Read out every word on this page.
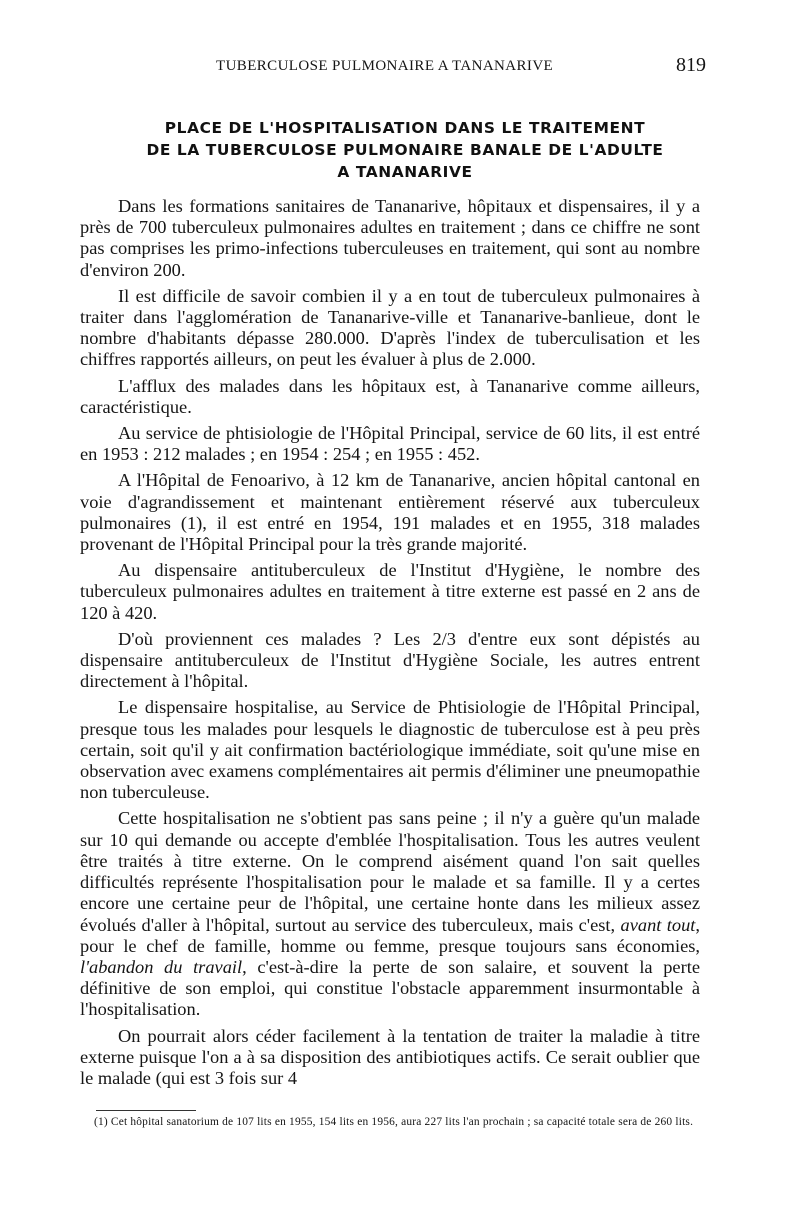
TUBERCULOSE PULMONAIRE A TANANARIVE	819
PLACE DE L'HOSPITALISATION DANS LE TRAITEMENT
DE LA TUBERCULOSE PULMONAIRE BANALE DE L'ADULTE
A TANANARIVE

Dans les formations sanitaires de Tananarive, hôpitaux et dispensaires, il y a près de 700 tuberculeux pulmonaires adultes en traitement ; dans ce chiffre ne sont pas comprises les primo-infections tuberculeuses en traitement, qui sont au nombre d'environ 200.

Il est difficile de savoir combien il y a en tout de tuberculeux pulmonaires à traiter dans l'agglomération de Tananarive-ville et Tananarive-banlieue, dont le nombre d'habitants dépasse 280.000. D'après l'index de tuberculisation et les chiffres rapportés ailleurs, on peut les évaluer à plus de 2.000.

L'afflux des malades dans les hôpitaux est, à Tananarive comme ailleurs, caractéristique.

Au service de phtisiologie de l'Hôpital Principal, service de 60 lits, il est entré en 1953 : 212 malades ; en 1954 : 254 ; en 1955 : 452.

A l'Hôpital de Fenoarivo, à 12 km de Tananarive, ancien hôpital cantonal en voie d'agrandissement et maintenant entièrement réservé aux tuberculeux pulmonaires (1), il est entré en 1954, 191 malades et en 1955, 318 malades provenant de l'Hôpital Principal pour la très grande majorité.

Au dispensaire antituberculeux de l'Institut d'Hygiène, le nombre des tuberculeux pulmonaires adultes en traitement à titre externe est passé en 2 ans de 120 à 420.

D'où proviennent ces malades ? Les 2/3 d'entre eux sont dépistés au dispensaire antituberculeux de l'Institut d'Hygiène Sociale, les autres entrent directement à l'hôpital.

Le dispensaire hospitalise, au Service de Phtisiologie de l'Hôpital Principal, presque tous les malades pour lesquels le diagnostic de tuberculose est à peu près certain, soit qu'il y ait confirmation bactériologique immédiate, soit qu'une mise en observation avec examens complémentaires ait permis d'éliminer une pneumopathie non tuberculeuse.

Cette hospitalisation ne s'obtient pas sans peine ; il n'y a guère qu'un malade sur 10 qui demande ou accepte d'emblée l'hospitalisation. Tous les autres veulent être traités à titre externe. On le comprend aisément quand l'on sait quelles difficultés représente l'hospitalisation pour le malade et sa famille. Il y a certes encore une certaine peur de l'hôpital, une certaine honte dans les milieux assez évolués d'aller à l'hôpital, surtout au service des tuberculeux, mais c'est, avant tout, pour le chef de famille, homme ou femme, presque toujours sans économies, l'abandon du travail, c'est-à-dire la perte de son salaire, et souvent la perte définitive de son emploi, qui constitue l'obstacle apparemment insurmontable à l'hospitalisation.

On pourrait alors céder facilement à la tentation de traiter la maladie à titre externe puisque l'on a à sa disposition des antibiotiques actifs. Ce serait oublier que le malade (qui est 3 fois sur 4

(1) Cet hôpital sanatorium de 107 lits en 1955, 154 lits en 1956, aura 227 lits l'an prochain ; sa capacité totale sera de 260 lits.
